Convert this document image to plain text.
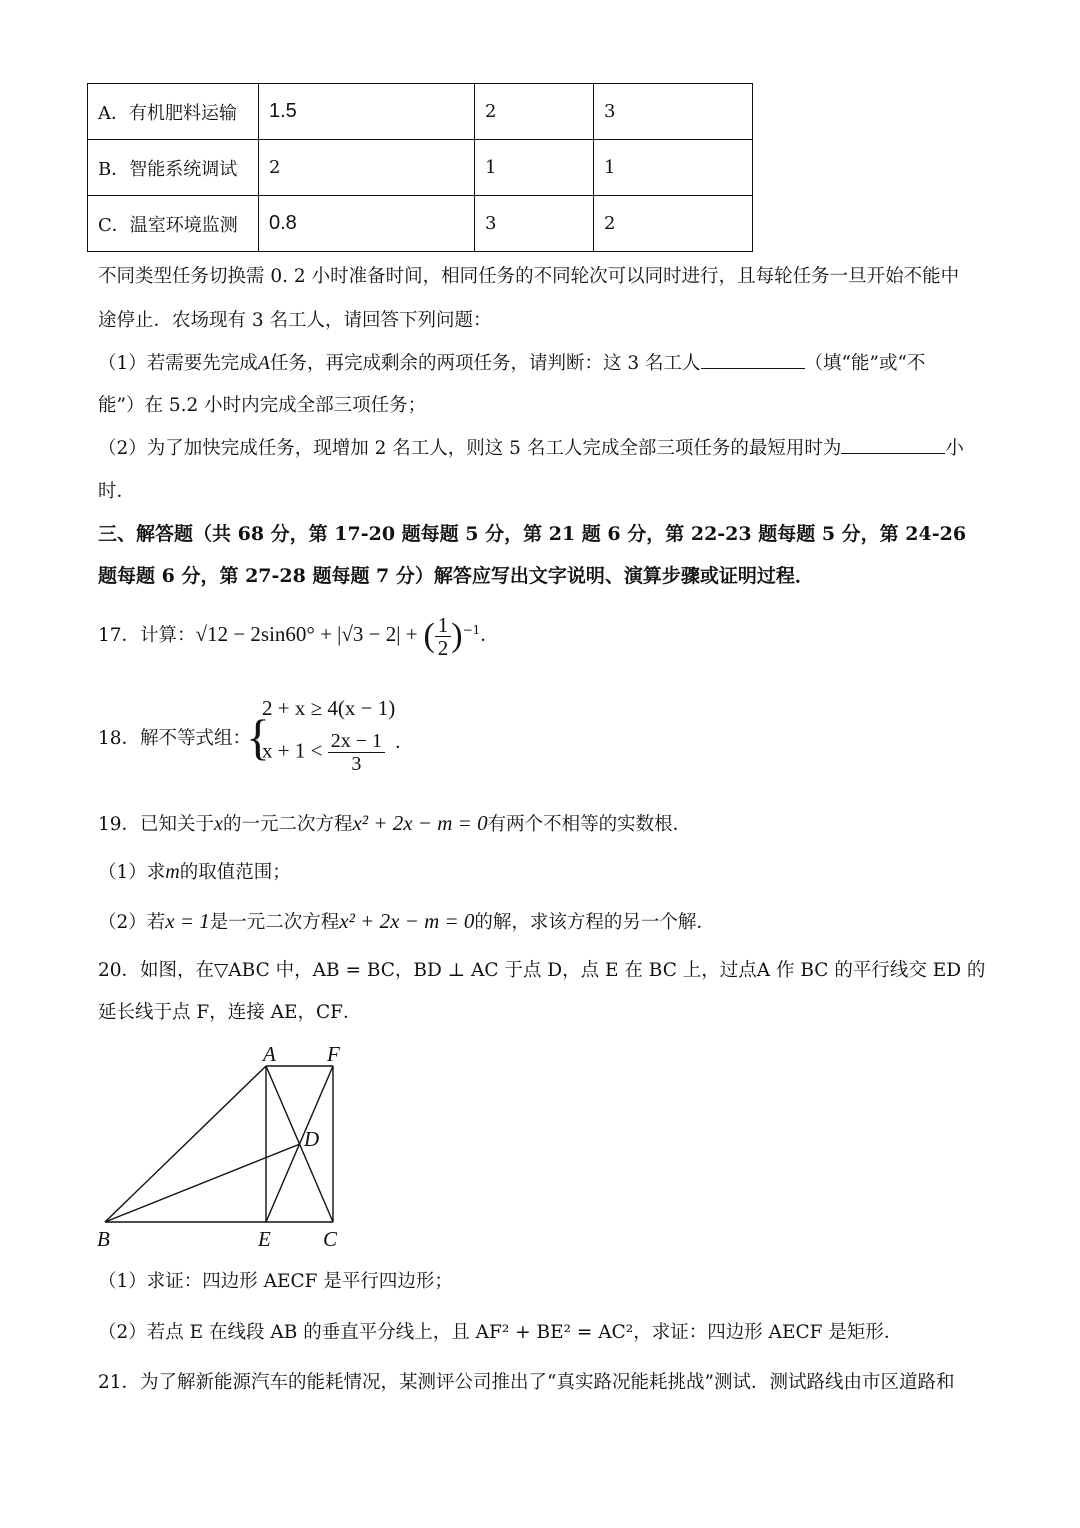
A．有机肥料运输	1.5	2	3
B．智能系统调试	2	1	1
C．温室环境监测	0.8	3	2
不同类型任务切换需 0. 2 小时准备时间，相同任务的不同轮次可以同时进行，且每轮任务一旦开始不能中
途停止．农场现有 3 名工人，请回答下列问题：
（1）若需要先完成A任务，再完成剩余的两项任务，请判断：这 3 名工人	（填“能”或“不
能”）在 5.2 小时内完成全部三项任务；
（2）为了加快完成任务，现增加 2 名工人，则这 5 名工人完成全部三项任务的最短用时为	小
时．
三、解答题（共 68 分，第 17-20 题每题 5 分，第 21 题 6 分，第 22-23 题每题 5 分，第 24-26
题每题 6 分，第 27-28 题每题 7 分）解答应写出文字说明、演算步骤或证明过程．
17．计算：√12 − 2sin60° + |√3 − 2| + ( $\frac{1}{2} )^{-1}$．
18．解不等式组：
{
2 + x ≥ 4(x − 1)
$x + 1 < \frac{2x - 1}{3}$ ．
19．已知关于x的一元二次方程x² + 2x − m = 0有两个不相等的实数根．
（1）求m的取值范围；
（2）若x = 1是一元二次方程x² + 2x − m = 0的解，求该方程的另一个解．
20．如图，在▽ABC 中，AB = BC，BD ⊥ AC 于点 D，点 E 在 BC 上，过点A 作 BC 的平行线交 ED 的
延长线于点 F，连接 AE，CF．
A F
D
B	E C
（1）求证：四边形 AECF 是平行四边形；
（2）若点 E 在线段 AB 的垂直平分线上，且 AF² + BE² = AC²，求证：四边形 AECF 是矩形．
21．为了解新能源汽车的能耗情况，某测评公司推出了“真实路况能耗挑战”测试．测试路线由市区道路和
